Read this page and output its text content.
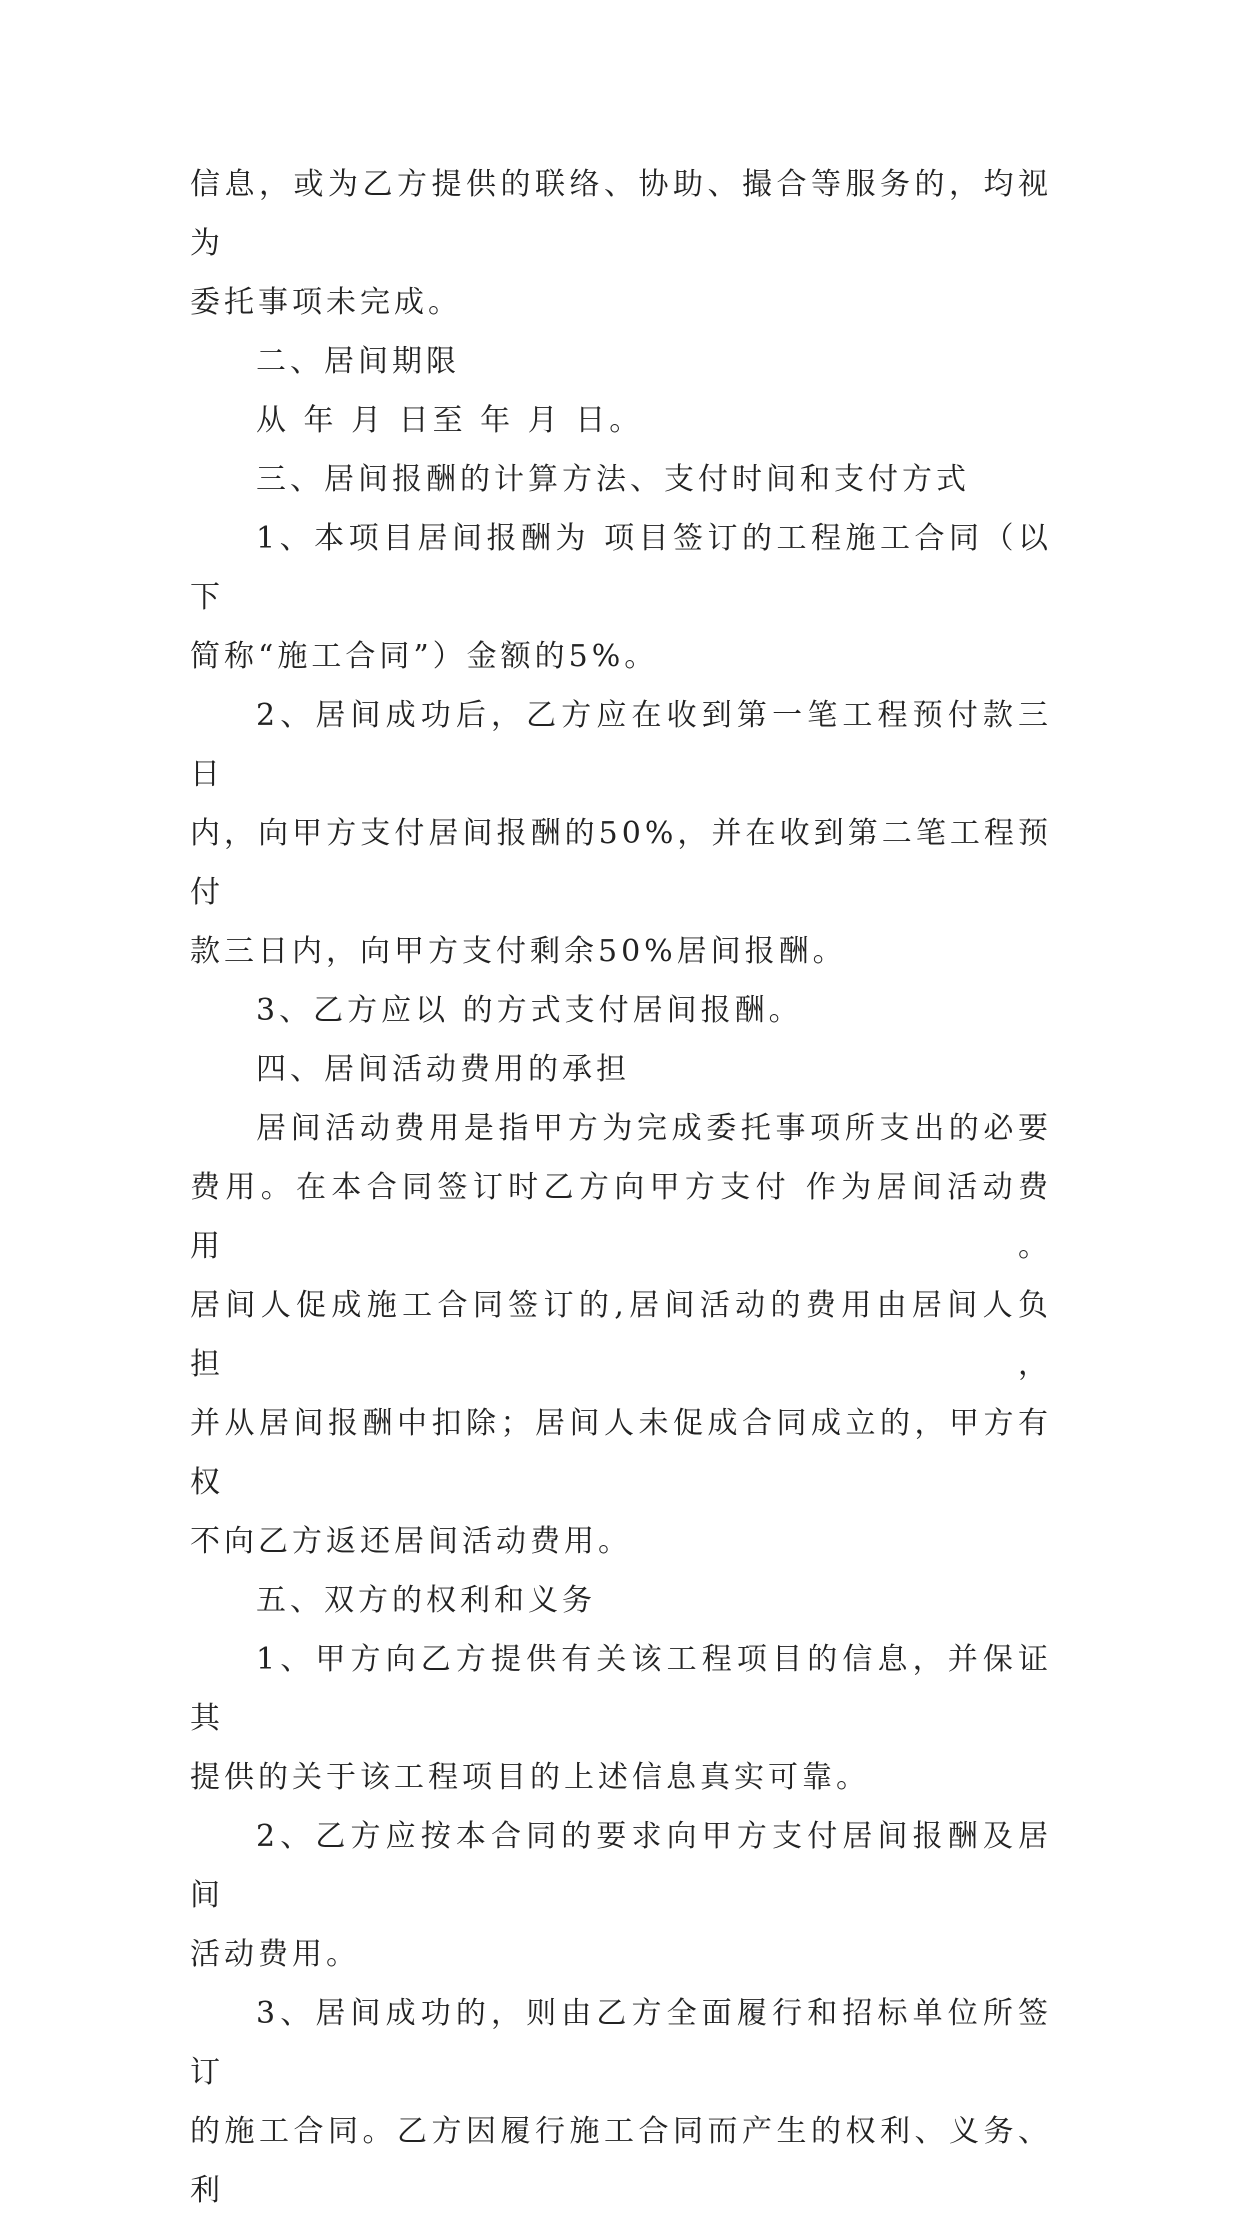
信息，或为乙方提供的联络、协助、撮合等服务的，均视为

委托事项未完成。

二、居间期限

从 年 月 日至 年 月 日。

三、居间报酬的计算方法、支付时间和支付方式

1、本项目居间报酬为 项目签订的工程施工合同（以下

简称“施工合同”）金额的5%。

2、居间成功后，乙方应在收到第一笔工程预付款三日

内，向甲方支付居间报酬的50%，并在收到第二笔工程预付

款三日内，向甲方支付剩余50%居间报酬。

3、乙方应以 的方式支付居间报酬。

四、居间活动费用的承担

居间活动费用是指甲方为完成委托事项所支出的必要

费用。在本合同签订时乙方向甲方支付 作为居间活动费用。

居间人促成施工合同签订的,居间活动的费用由居间人负担，

并从居间报酬中扣除；居间人未促成合同成立的，甲方有权

不向乙方返还居间活动费用。

五、双方的权利和义务

1、甲方向乙方提供有关该工程项目的信息，并保证其

提供的关于该工程项目的上述信息真实可靠。

2、乙方应按本合同的要求向甲方支付居间报酬及居间

活动费用。

3、居间成功的，则由乙方全面履行和招标单位所签订

的施工合同。乙方因履行施工合同而产生的权利、义务、利
